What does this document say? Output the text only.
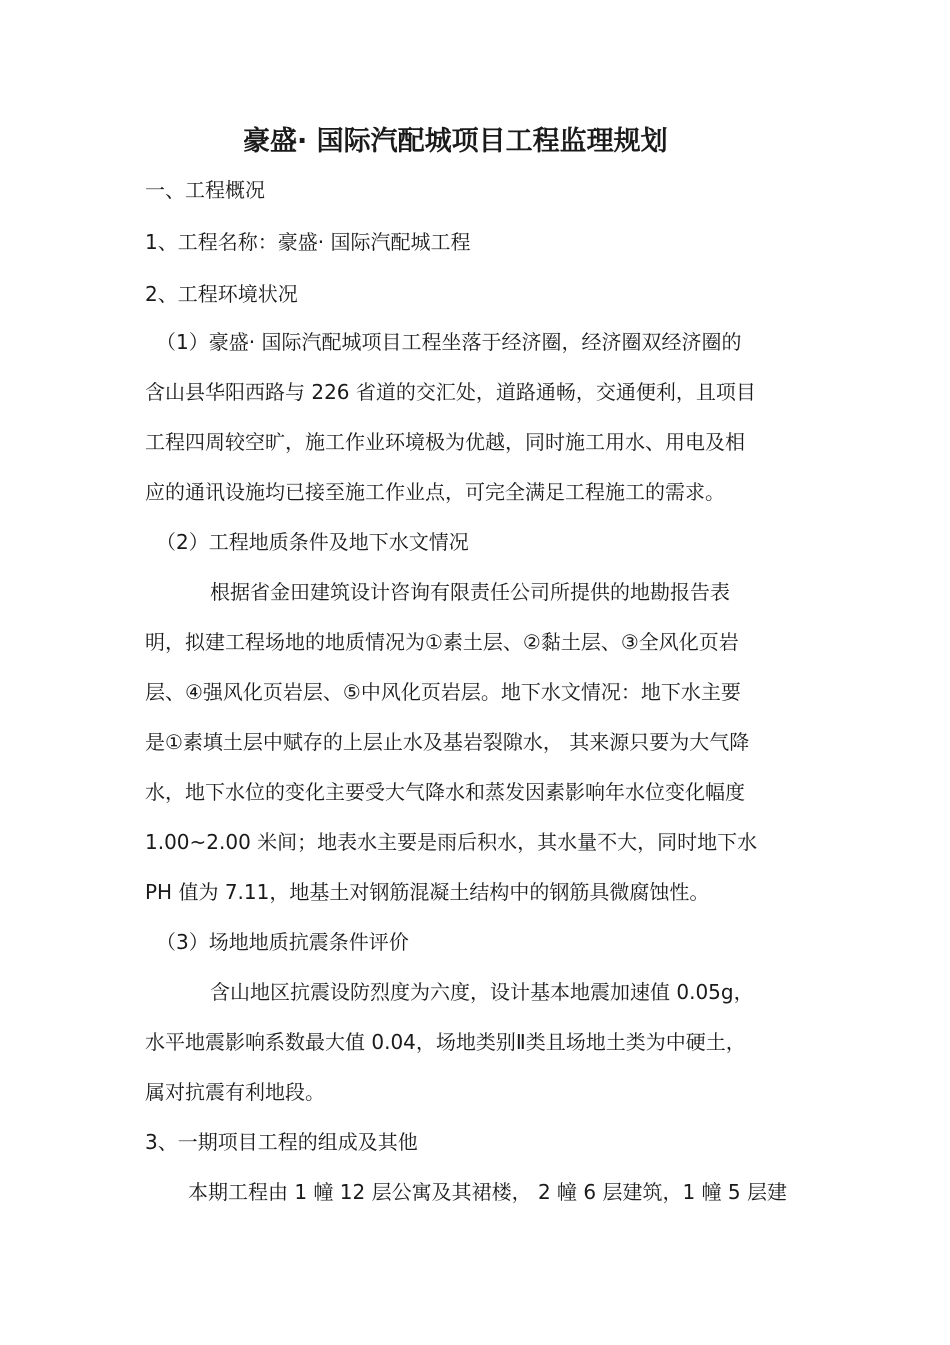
豪盛· 国际汽配城项目工程监理规划

一、工程概况

1、工程名称：豪盛· 国际汽配城工程

2、工程环境状况

（1）豪盛· 国际汽配城项目工程坐落于经济圈，经济圈双经济圈的

含山县华阳西路与 226 省道的交汇处，道路通畅，交通便利，且项目

工程四周较空旷，施工作业环境极为优越，同时施工用水、用电及相

应的通讯设施均已接至施工作业点，可完全满足工程施工的需求。

（2）工程地质条件及地下水文情况

根据省金田建筑设计咨询有限责任公司所提供的地勘报告表

明，拟建工程场地的地质情况为①素土层、②黏土层、③全风化页岩

层、④强风化页岩层、⑤中风化页岩层。地下水文情况：地下水主要

是①素填土层中赋存的上层止水及基岩裂隙水， 其来源只要为大气降

水，地下水位的变化主要受大气降水和蒸发因素影响年水位变化幅度

1.00~2.00 米间；地表水主要是雨后积水，其水量不大，同时地下水

PH 值为 7.11，地基土对钢筋混凝土结构中的钢筋具微腐蚀性。

（3）场地地质抗震条件评价

含山地区抗震设防烈度为六度，设计基本地震加速值 0.05g，

水平地震影响系数最大值 0.04，场地类别Ⅱ类且场地土类为中硬土，

属对抗震有利地段。

3、一期项目工程的组成及其他

本期工程由 1 幢 12 层公寓及其裙楼， 2 幢 6 层建筑，1 幢 5 层建
